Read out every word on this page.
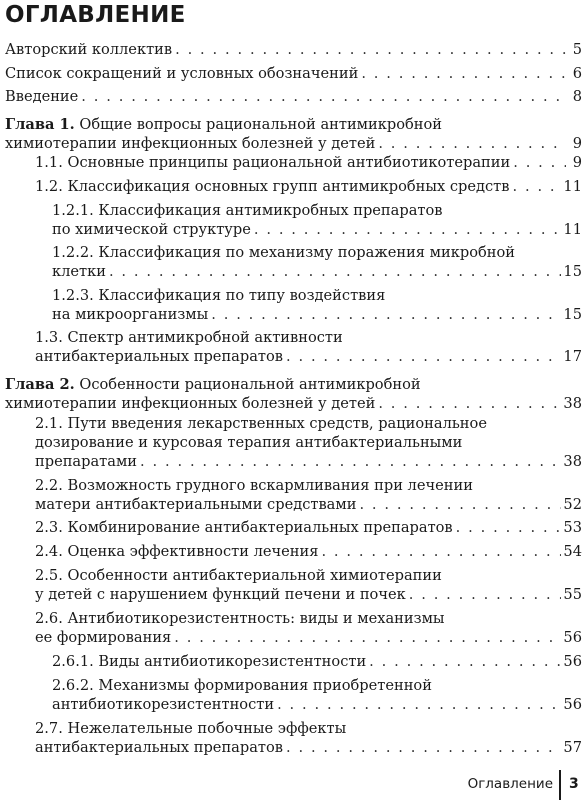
ОГЛАВЛЕНИЕ
Авторский коллектив . . .	5
Список сокращений и условных обозначений . . .	6
Введение . . .	8
Глава 1. Общие вопросы рациональной антимикробной
химиотерапии инфекционных болезней у детей . . .	9
1.1. Основные принципы рациональной антибиотикотерапии . . .	9
1.2. Классификация основных групп антимикробных средств . . .	11
1.2.1. Классификация антимикробных препаратов
по химической структуре . . .	11
1.2.2. Классификация по механизму поражения микробной
клетки . . .	15
1.2.3. Классификация по типу воздействия
на микроорганизмы . . .	15
1.3. Спектр антимикробной активности
антибактериальных препаратов . . .	17
Глава 2. Особенности рациональной антимикробной
химиотерапии инфекционных болезней у детей . . .	38
2.1. Пути введения лекарственных средств, рациональное
дозирование и курсовая терапия антибактериальными
препаратами . . .	38
2.2. Возможность грудного вскармливания при лечении
матери антибактериальными средствами . . .	52
2.3. Комбинирование антибактериальных препаратов . . .	53
2.4. Оценка эффективности лечения . . .	54
2.5. Особенности антибактериальной химиотерапии
у детей с нарушением функций печени и почек . . .	55
2.6. Антибиотикорезистентность: виды и механизмы
ее формирования . . .	56
2.6.1. Виды антибиотикорезистентности . . .	56
2.6.2. Механизмы формирования приобретенной
антибиотикорезистентности . . .	56
2.7. Нежелательные побочные эффекты
антибактериальных препаратов . . .	57
Оглавление 3
